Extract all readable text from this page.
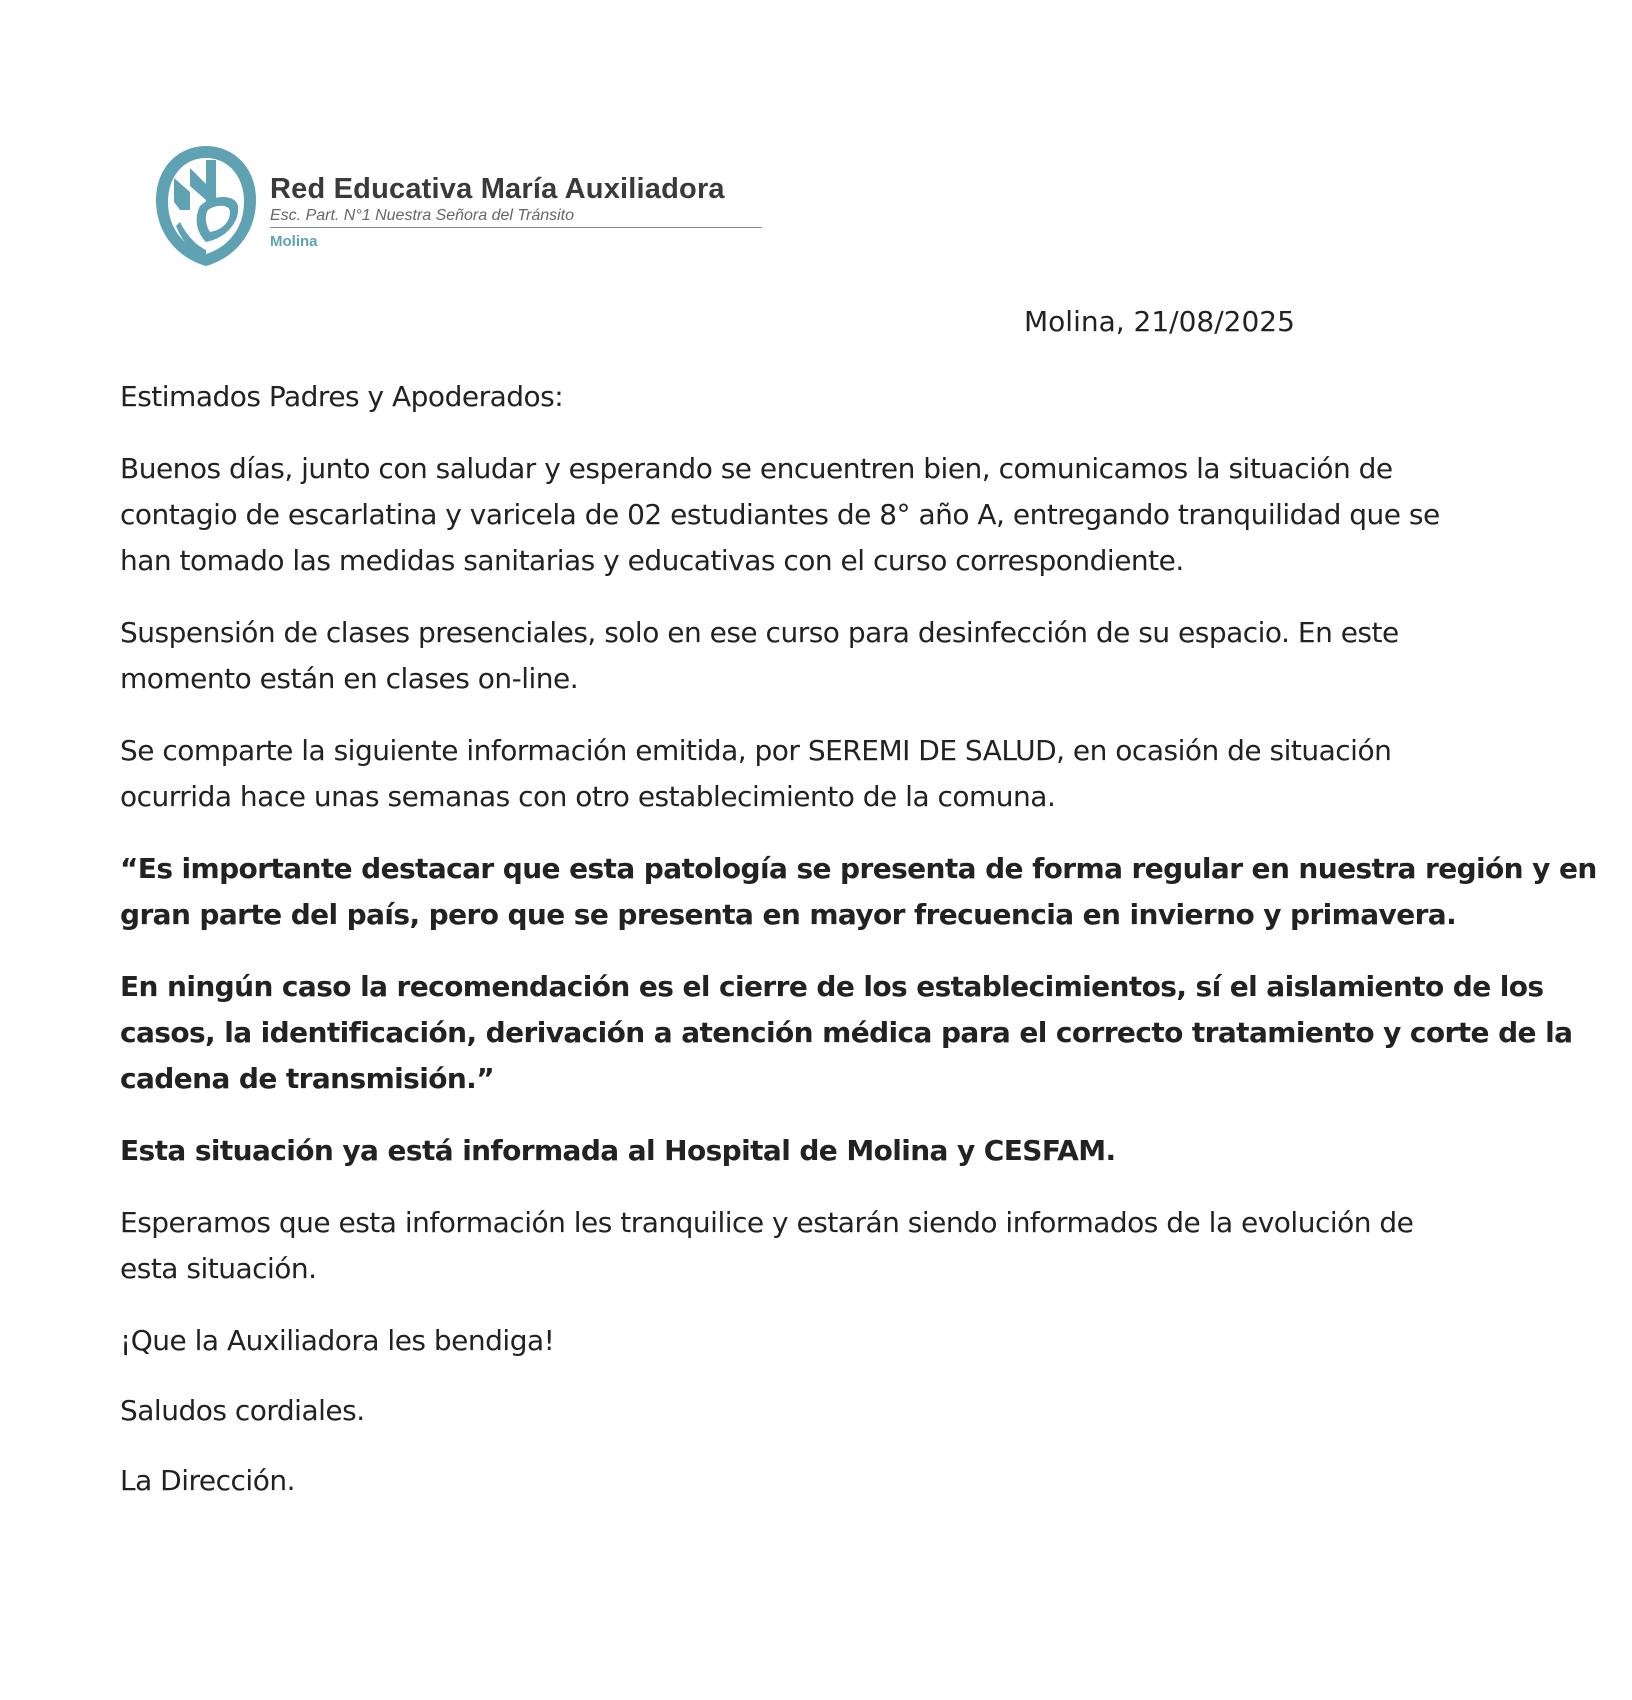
Red Educativa María Auxiliadora
Esc. Part. N°1 Nuestra Señora del Tránsito
Molina
Molina, 21/08/2025

Estimados Padres y Apoderados:

Buenos días, junto con saludar y esperando se encuentren bien, comunicamos la situación de
contagio de escarlatina y varicela de 02 estudiantes de 8° año A, entregando tranquilidad que se
han tomado las medidas sanitarias y educativas con el curso correspondiente.

Suspensión de clases presenciales, solo en ese curso para desinfección de su espacio. En este
momento están en clases on-line.

Se comparte la siguiente información emitida, por SEREMI DE SALUD, en ocasión de situación
ocurrida hace unas semanas con otro establecimiento de la comuna.

“Es importante destacar que esta patología se presenta de forma regular en nuestra región y en
gran parte del país, pero que se presenta en mayor frecuencia en invierno y primavera.

En ningún caso la recomendación es el cierre de los establecimientos, sí el aislamiento de los
casos, la identificación, derivación a atención médica para el correcto tratamiento y corte de la
cadena de transmisión.”

Esta situación ya está informada al Hospital de Molina y CESFAM.

Esperamos que esta información les tranquilice y estarán siendo informados de la evolución de
esta situación.

¡Que la Auxiliadora les bendiga!

Saludos cordiales.

La Dirección.
